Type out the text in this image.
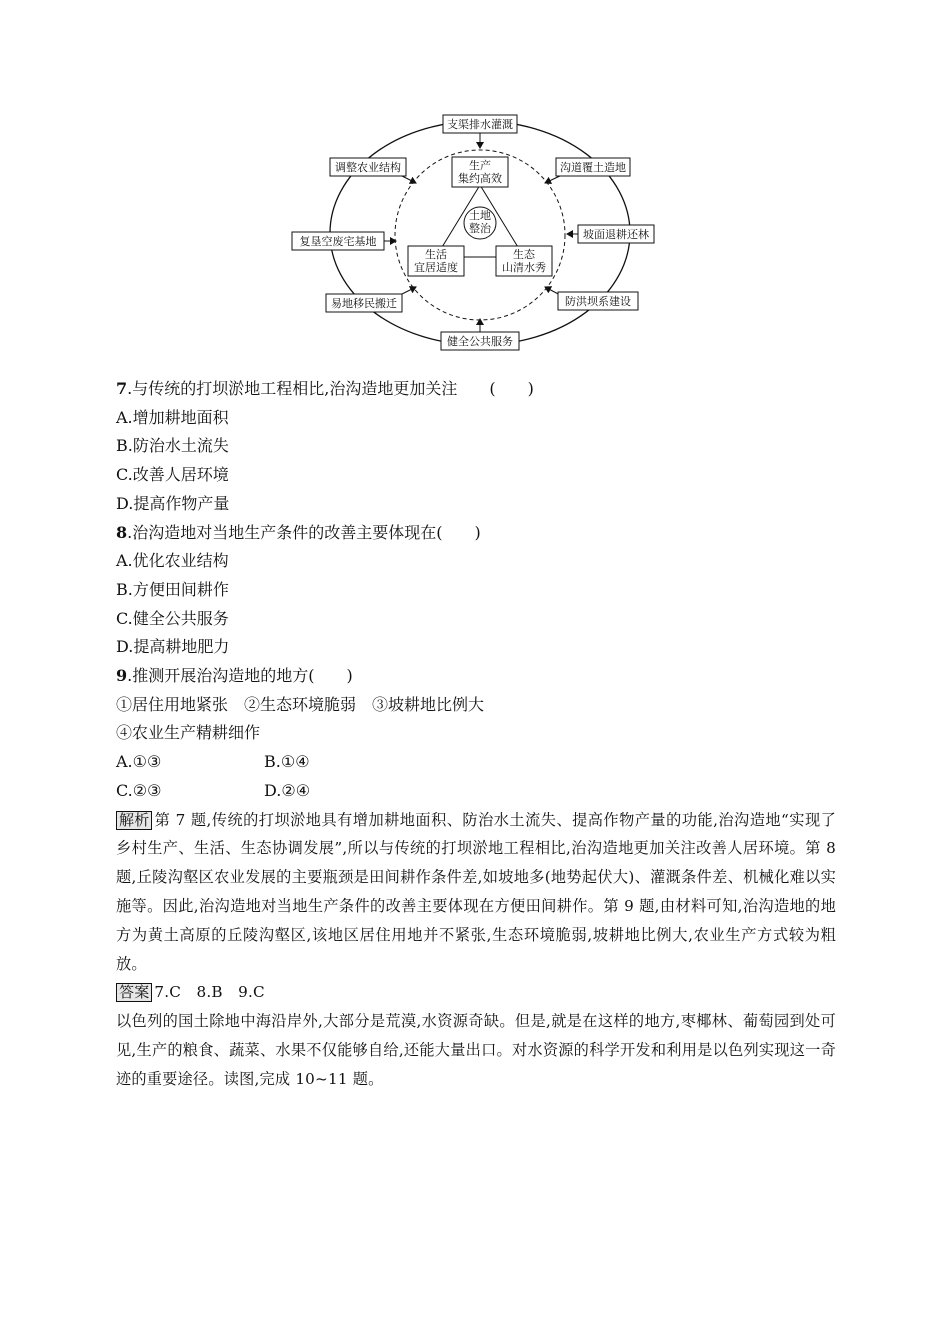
土地
整治
生产
集约高效
生活
宜居适度
生态
山清水秀
支渠排水灌溉
沟道覆土造地
坡面退耕还林
防洪坝系建设
健全公共服务
易地移民搬迁
复垦空废宅基地
调整农业结构
7.与传统的打坝淤地工程相比,治沟造地更加关注 (　　)
A.增加耕地面积
B.防治水土流失
C.改善人居环境
D.提高作物产量
8.治沟造地对当地生产条件的改善主要体现在(　　)
A.优化农业结构
B.方便田间耕作
C.健全公共服务
D.提高耕地肥力
9.推测开展治沟造地的地方(　　)
①居住用地紧张　②生态环境脆弱　③坡耕地比例大
④农业生产精耕细作
A.①③	B.①④
C.②③	D.②④
解析 第 7 题,传统的打坝淤地具有增加耕地面积、防治水土流失、提高作物产量的功能,治沟造地“实现了乡村生产、生活、生态协调发展”,所以与传统的打坝淤地工程相比,治沟造地更加关注改善人居环境。第 8 题,丘陵沟壑区农业发展的主要瓶颈是田间耕作条件差,如坡地多(地势起伏大)、灌溉条件差、机械化难以实施等。因此,治沟造地对当地生产条件的改善主要体现在方便田间耕作。第 9 题,由材料可知,治沟造地的地方为黄土高原的丘陵沟壑区,该地区居住用地并不紧张,生态环境脆弱,坡耕地比例大,农业生产方式较为粗放。
答案 7.C　8.B　9.C
以色列的国土除地中海沿岸外,大部分是荒漠,水资源奇缺。但是,就是在这样的地方,枣椰林、葡萄园到处可见,生产的粮食、蔬菜、水果不仅能够自给,还能大量出口。对水资源的科学开发和利用是以色列实现这一奇迹的重要途径。读图,完成 10~11 题。
